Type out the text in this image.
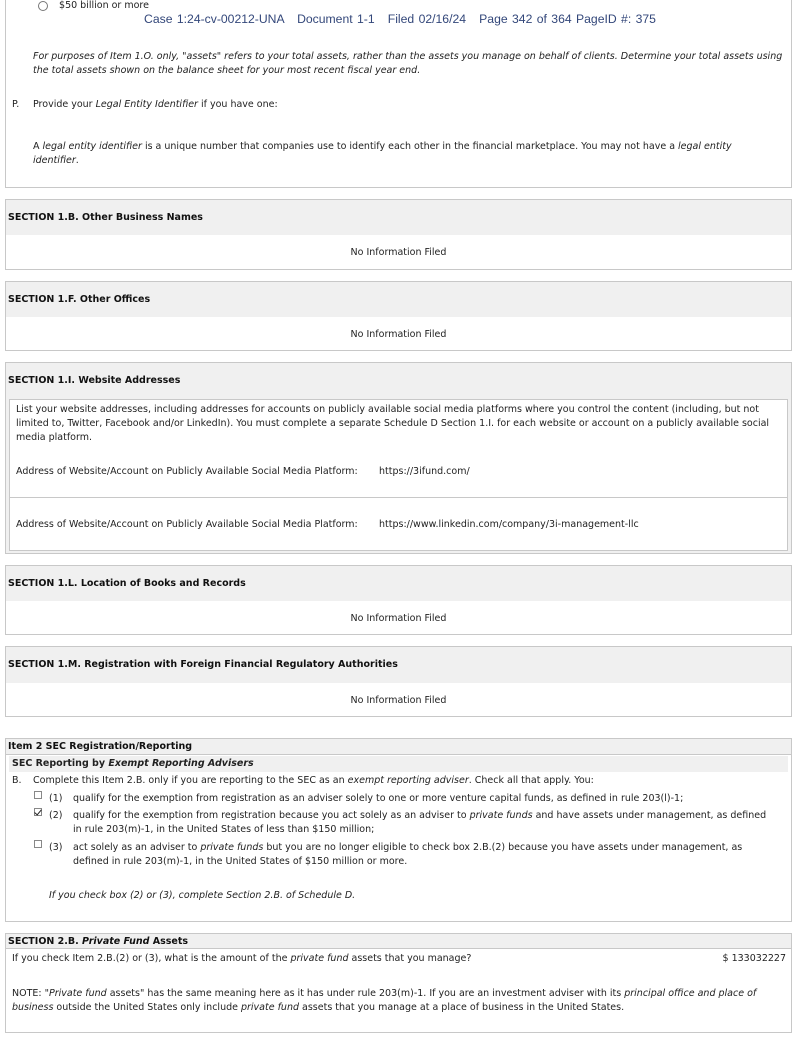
$50 billion or more
For purposes of Item 1.O. only, "assets" refers to your total assets, rather than the assets you manage on behalf of clients. Determine your total assets using the total assets shown on the balance sheet for your most recent fiscal year end.
P. Provide your Legal Entity Identifier if you have one:
A legal entity identifier is a unique number that companies use to identify each other in the financial marketplace. You may not have a legal entity identifier.
Case 1:24-cv-00212-UNA   Document 1-1   Filed 02/16/24   Page 342 of 364 PageID #: 375
SECTION 1.B. Other Business Names
No Information Filed
SECTION 1.F. Other Offices
No Information Filed
SECTION 1.I. Website Addresses
List your website addresses, including addresses for accounts on publicly available social media platforms where you control the content (including, but not limited to, Twitter, Facebook and/or LinkedIn). You must complete a separate Schedule D Section 1.I. for each website or account on a publicly available social media platform.
Address of Website/Account on Publicly Available Social Media Platform: https://3ifund.com/
Address of Website/Account on Publicly Available Social Media Platform: https://www.linkedin.com/company/3i-management-llc
SECTION 1.L. Location of Books and Records
No Information Filed
SECTION 1.M. Registration with Foreign Financial Regulatory Authorities
No Information Filed
Item 2 SEC Registration/Reporting
SEC Reporting by Exempt Reporting Advisers
B. Complete this Item 2.B. only if you are reporting to the SEC as an exempt reporting adviser. Check all that apply. You:
(1) qualify for the exemption from registration as an adviser solely to one or more venture capital funds, as defined in rule 203(l)-1;
(2) qualify for the exemption from registration because you act solely as an adviser to private funds and have assets under management, as defined
in rule 203(m)-1, in the United States of less than $150 million;
(3) act solely as an adviser to private funds but you are no longer eligible to check box 2.B.(2) because you have assets under management, as
defined in rule 203(m)-1, in the United States of $150 million or more.
If you check box (2) or (3), complete Section 2.B. of Schedule D.
SECTION 2.B. Private Fund Assets
If you check Item 2.B.(2) or (3), what is the amount of the private fund assets that you manage?	$ 133032227
NOTE: "Private fund assets" has the same meaning here as it has under rule 203(m)-1. If you are an investment adviser with its principal office and place of business outside the United States only include private fund assets that you manage at a place of business in the United States.
